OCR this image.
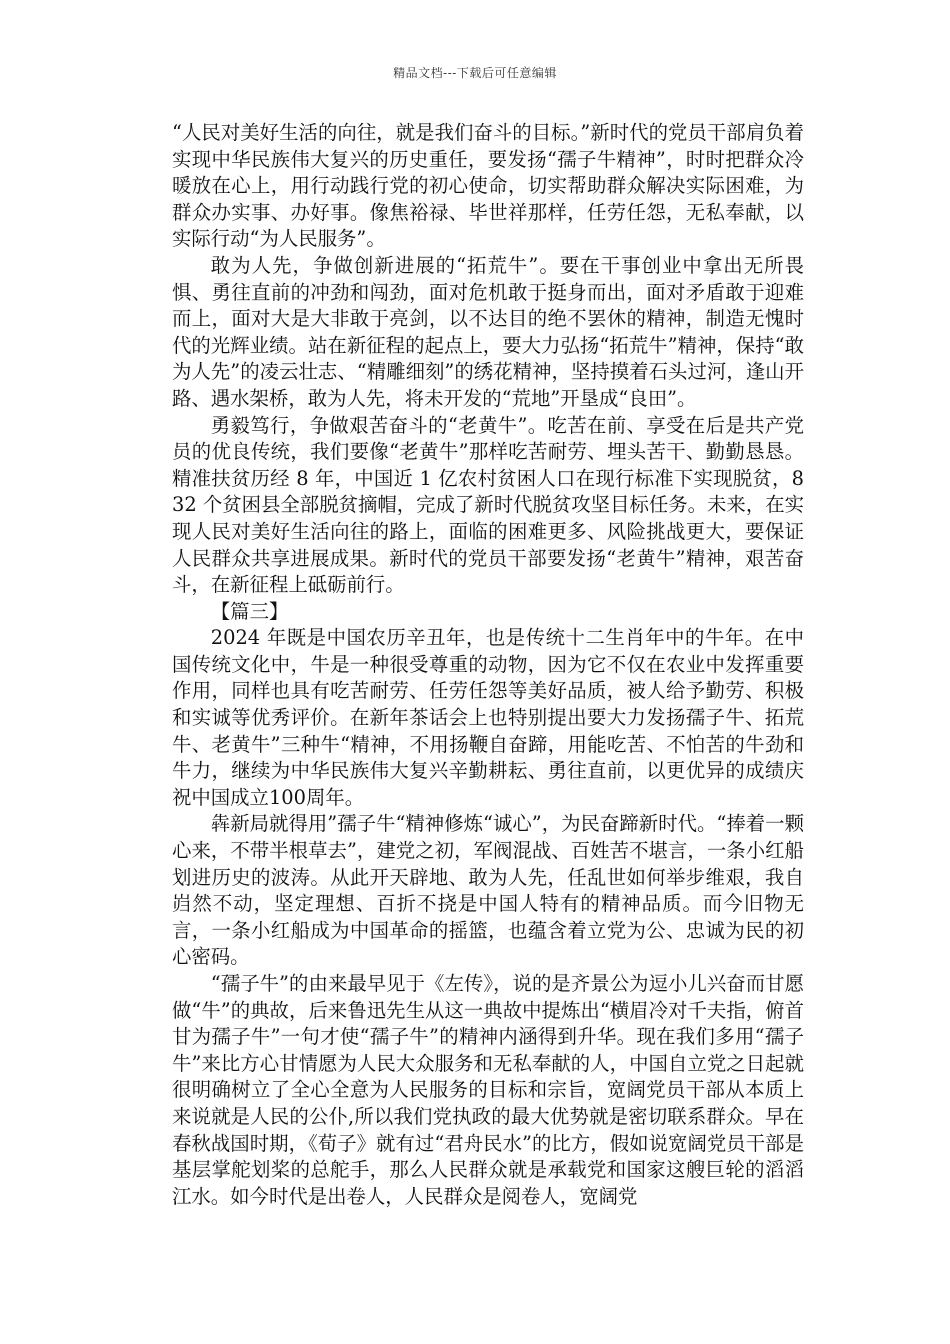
精品文档---下载后可任意编辑

“人民对美好生活的向往，就是我们奋斗的目标。”新时代的党员干部肩负着实现中华民族伟大复兴的历史重任，要发扬“孺子牛精神”，时时把群众冷暖放在心上，用行动践行党的初心使命，切实帮助群众解决实际困难，为群众办实事、办好事。像焦裕禄、毕世祥那样，任劳任怨，无私奉献，以实际行动“为人民服务”。

敢为人先，争做创新进展的“拓荒牛”。要在干事创业中拿出无所畏惧、勇往直前的冲劲和闯劲，面对危机敢于挺身而出，面对矛盾敢于迎难而上，面对大是大非敢于亮剑，以不达目的绝不罢休的精神，制造无愧时代的光辉业绩。站在新征程的起点上，要大力弘扬“拓荒牛”精神，保持“敢为人先”的凌云壮志、“精雕细刻”的绣花精神，坚持摸着石头过河，逢山开路、遇水架桥，敢为人先，将未开发的“荒地”开垦成“良田”。

勇毅笃行，争做艰苦奋斗的“老黄牛”。吃苦在前、享受在后是共产党员的优良传统，我们要像“老黄牛”那样吃苦耐劳、埋头苦干、勤勤恳恳。精准扶贫历经 8 年，中国近 1 亿农村贫困人口在现行标准下实现脱贫，832 个贫困县全部脱贫摘帽，完成了新时代脱贫攻坚目标任务。未来，在实现人民对美好生活向往的路上，面临的困难更多、风险挑战更大，要保证人民群众共享进展成果。新时代的党员干部要发扬“老黄牛”精神，艰苦奋斗，在新征程上砥砺前行。

【篇三】

2024 年既是中国农历辛丑年，也是传统十二生肖年中的牛年。在中国传统文化中，牛是一种很受尊重的动物，因为它不仅在农业中发挥重要作用，同样也具有吃苦耐劳、任劳任怨等美好品质，被人给予勤劳、积极和实诚等优秀评价。在新年茶话会上也特别提出要大力发扬孺子牛、拓荒牛、老黄牛”三种牛“精神，不用扬鞭自奋蹄，用能吃苦、不怕苦的牛劲和牛力，继续为中华民族伟大复兴辛勤耕耘、勇往直前，以更优异的成绩庆祝中国成立100周年。

犇新局就得用”孺子牛“精神修炼“诚心”，为民奋蹄新时代。“捧着一颗心来，不带半根草去”，建党之初，军阀混战、百姓苦不堪言，一条小红船划进历史的波涛。从此开天辟地、敢为人先，任乱世如何举步维艰，我自岿然不动，坚定理想、百折不挠是中国人特有的精神品质。而今旧物无言，一条小红船成为中国革命的摇篮，也蕴含着立党为公、忠诚为民的初心密码。

“孺子牛”的由来最早见于《左传》，说的是齐景公为逗小儿兴奋而甘愿做“牛”的典故，后来鲁迅先生从这一典故中提炼出“横眉冷对千夫指，俯首甘为孺子牛”一句才使“孺子牛”的精神内涵得到升华。现在我们多用“孺子牛”来比方心甘情愿为人民大众服务和无私奉献的人，中国自立党之日起就很明确树立了全心全意为人民服务的目标和宗旨，宽阔党员干部从本质上来说就是人民的公仆,所以我们党执政的最大优势就是密切联系群众。早在春秋战国时期，《荀子》就有过“君舟民水”的比方，假如说宽阔党员干部是基层掌舵划桨的总舵手，那么人民群众就是承载党和国家这艘巨轮的滔滔江水。如今时代是出卷人，人民群众是阅卷人，宽阔党
